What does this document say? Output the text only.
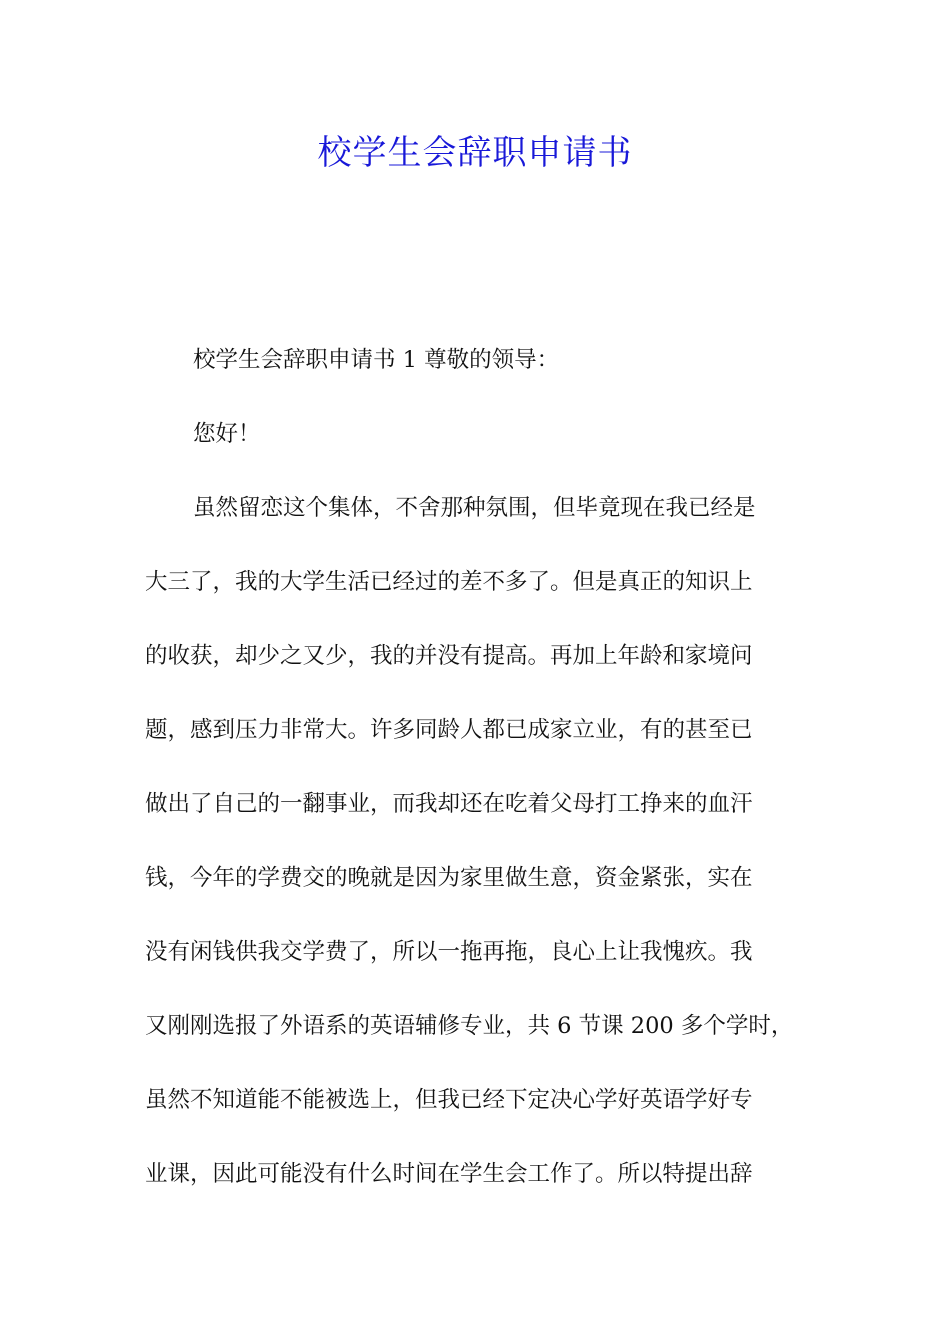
校学生会辞职申请书

校学生会辞职申请书 1 尊敬的领导：

您好！

虽然留恋这个集体，不舍那种氛围，但毕竟现在我已经是

大三了，我的大学生活已经过的差不多了。但是真正的知识上

的收获，却少之又少，我的并没有提高。再加上年龄和家境问

题，感到压力非常大。许多同龄人都已成家立业，有的甚至已

做出了自己的一翻事业，而我却还在吃着父母打工挣来的血汗

钱，今年的学费交的晚就是因为家里做生意，资金紧张，实在

没有闲钱供我交学费了，所以一拖再拖，良心上让我愧疚。我

又刚刚选报了外语系的英语辅修专业，共 6 节课 200 多个学时，

虽然不知道能不能被选上，但我已经下定决心学好英语学好专

业课，因此可能没有什么时间在学生会工作了。所以特提出辞
